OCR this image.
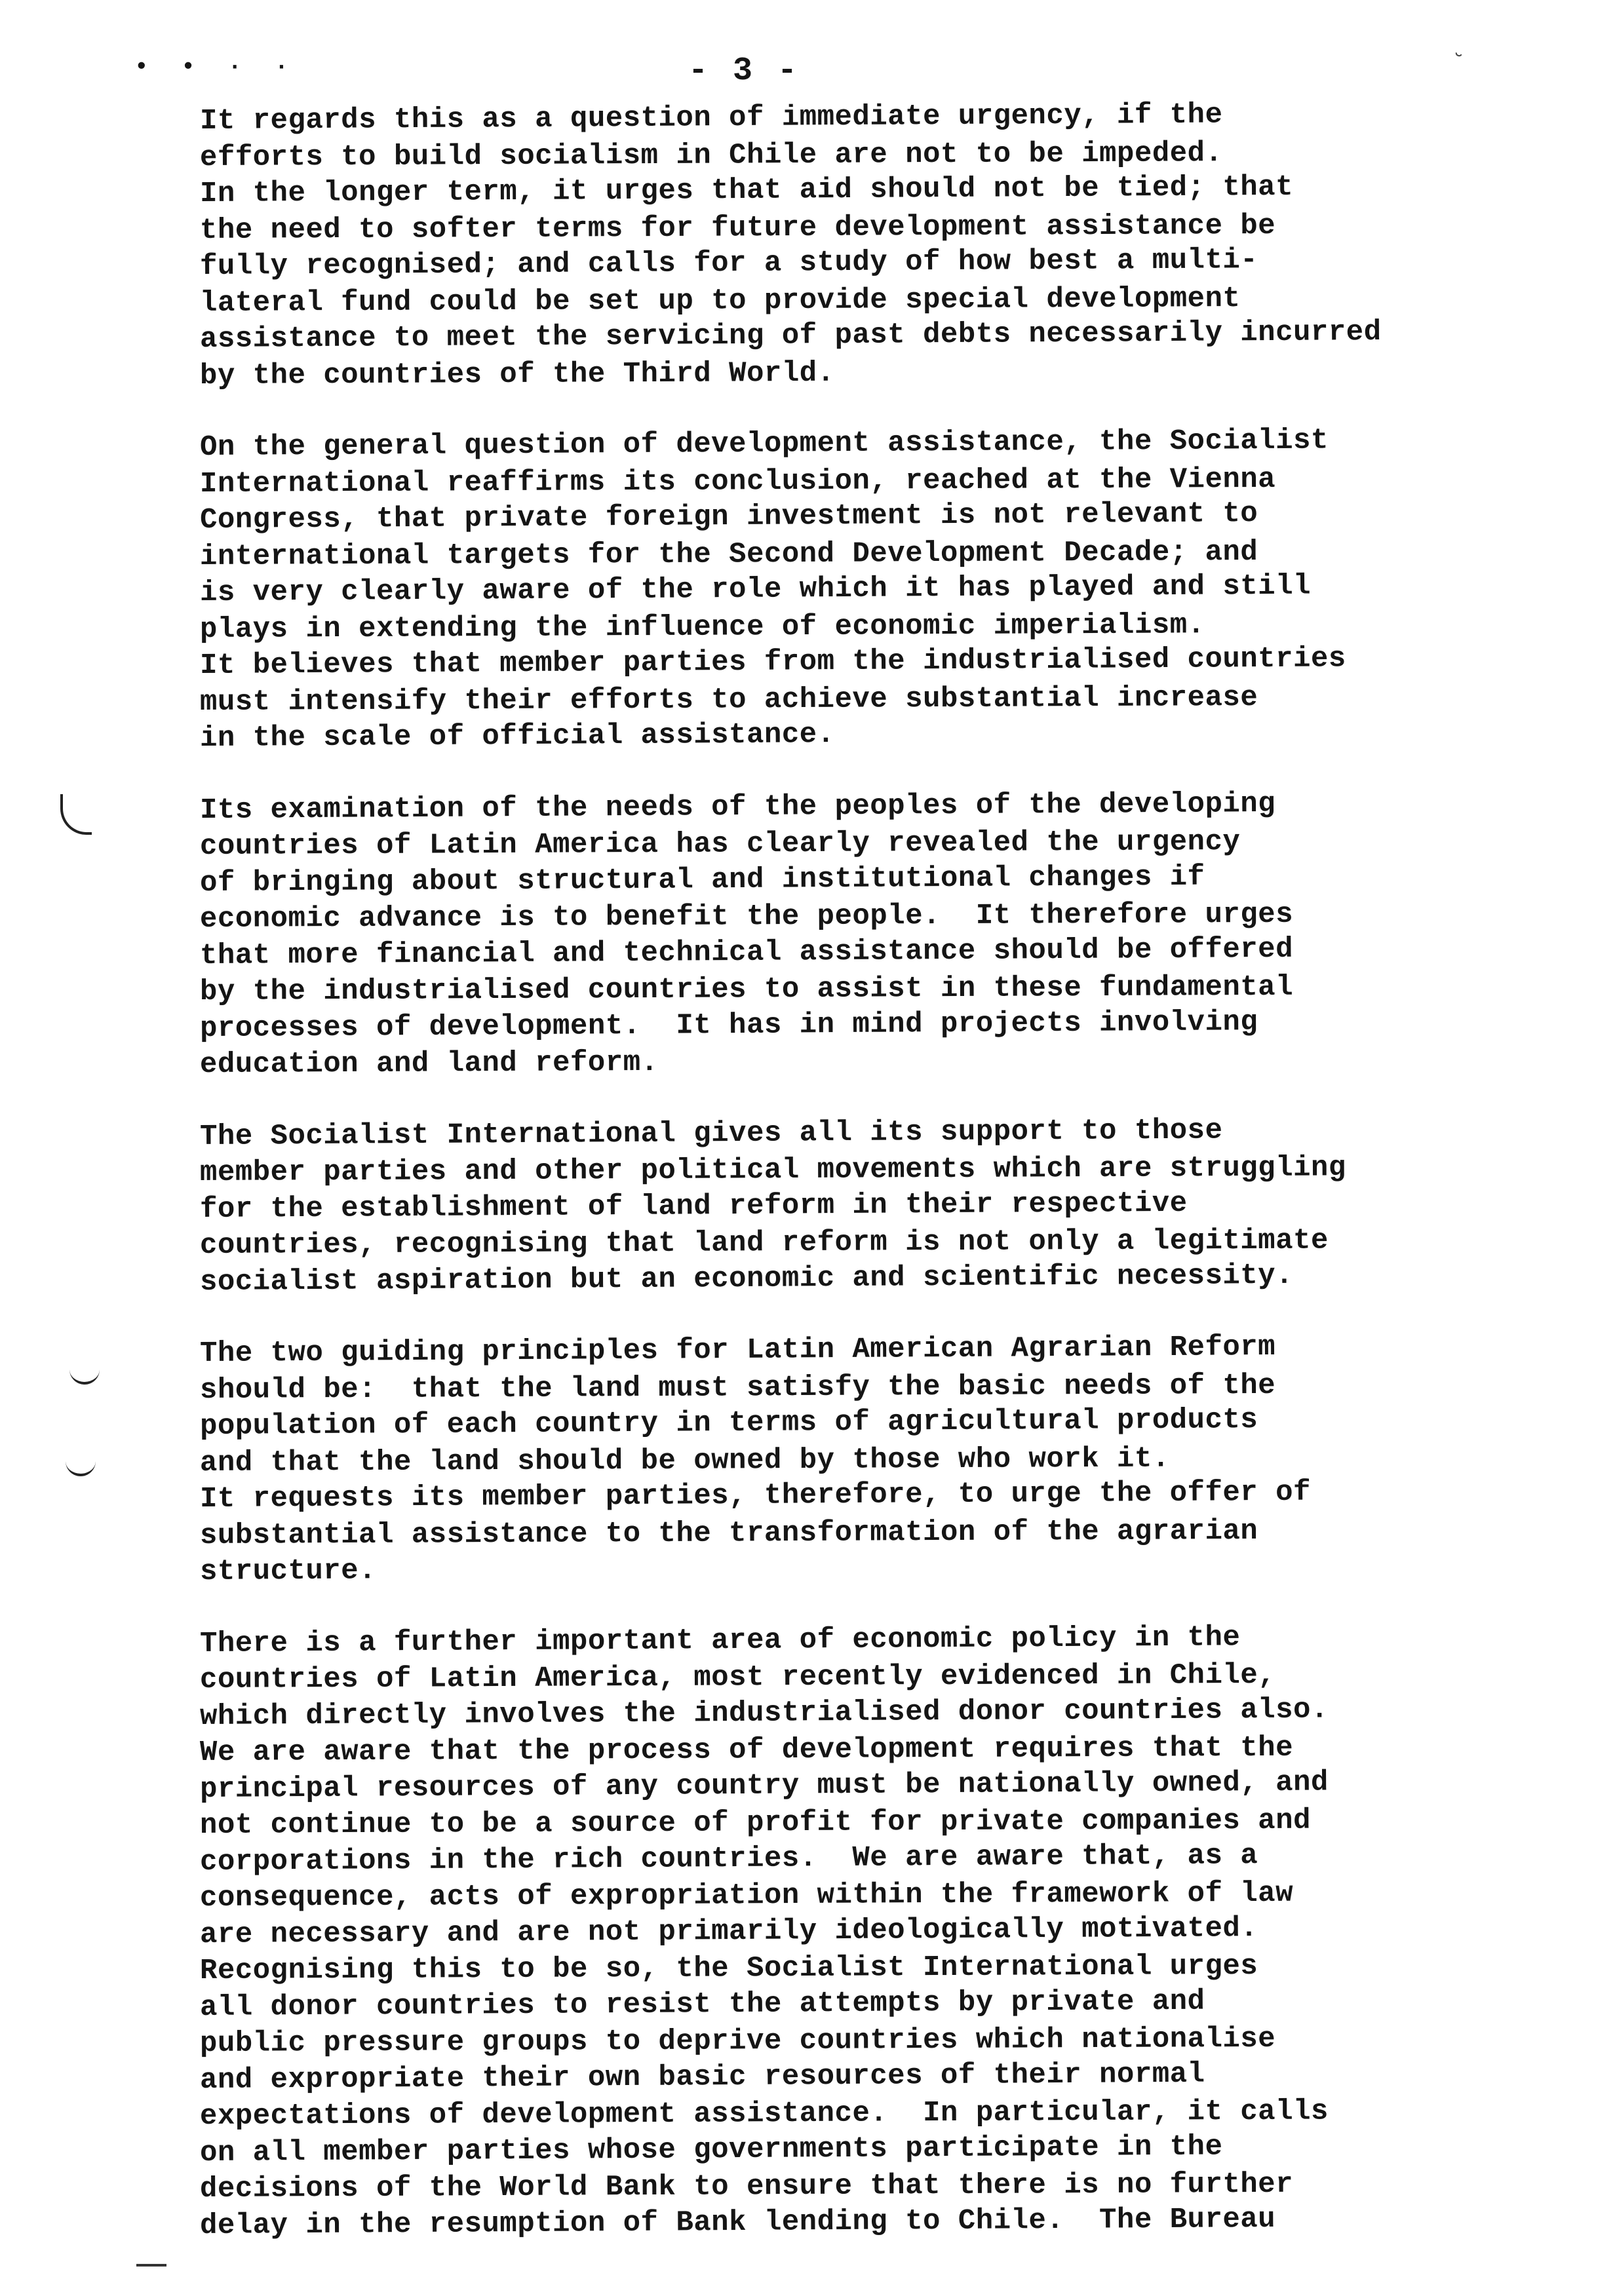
• • · ·	- 3 -	˘
It regards this as a question of immediate urgency, if the
efforts to build socialism in Chile are not to be impeded.
In the longer term, it urges that aid should not be tied; that
the need to softer terms for future development assistance be
fully recognised; and calls for a study of how best a multi-
lateral fund could be set up to provide special development
assistance to meet the servicing of past debts necessarily incurred
by the countries of the Third World.
On the general question of development assistance, the Socialist
International reaffirms its conclusion, reached at the Vienna
Congress, that private foreign investment is not relevant to
international targets for the Second Development Decade; and
is very clearly aware of the role which it has played and still
plays in extending the influence of economic imperialism.
It believes that member parties from the industrialised countries
must intensify their efforts to achieve substantial increase
in the scale of official assistance.
Its examination of the needs of the peoples of the developing
countries of Latin America has clearly revealed the urgency
of bringing about structural and institutional changes if
economic advance is to benefit the people.  It therefore urges
that more financial and technical assistance should be offered
by the industrialised countries to assist in these fundamental
processes of development.  It has in mind projects involving
education and land reform.
The Socialist International gives all its support to those
member parties and other political movements which are struggling
for the establishment of land reform in their respective
countries, recognising that land reform is not only a legitimate
socialist aspiration but an economic and scientific necessity.
The two guiding principles for Latin American Agrarian Reform
should be:  that the land must satisfy the basic needs of the
population of each country in terms of agricultural products
and that the land should be owned by those who work it.
It requests its member parties, therefore, to urge the offer of
substantial assistance to the transformation of the agrarian
structure.
There is a further important area of economic policy in the
countries of Latin America, most recently evidenced in Chile,
which directly involves the industrialised donor countries also.
We are aware that the process of development requires that the
principal resources of any country must be nationally owned, and
not continue to be a source of profit for private companies and
corporations in the rich countries.  We are aware that, as a
consequence, acts of expropriation within the framework of law
are necessary and are not primarily ideologically motivated.
Recognising this to be so, the Socialist International urges
all donor countries to resist the attempts by private and
public pressure groups to deprive countries which nationalise
and expropriate their own basic resources of their normal
expectations of development assistance.  In particular, it calls
on all member parties whose governments participate in the
decisions of the World Bank to ensure that there is no further
delay in the resumption of Bank lending to Chile.  The Bureau
